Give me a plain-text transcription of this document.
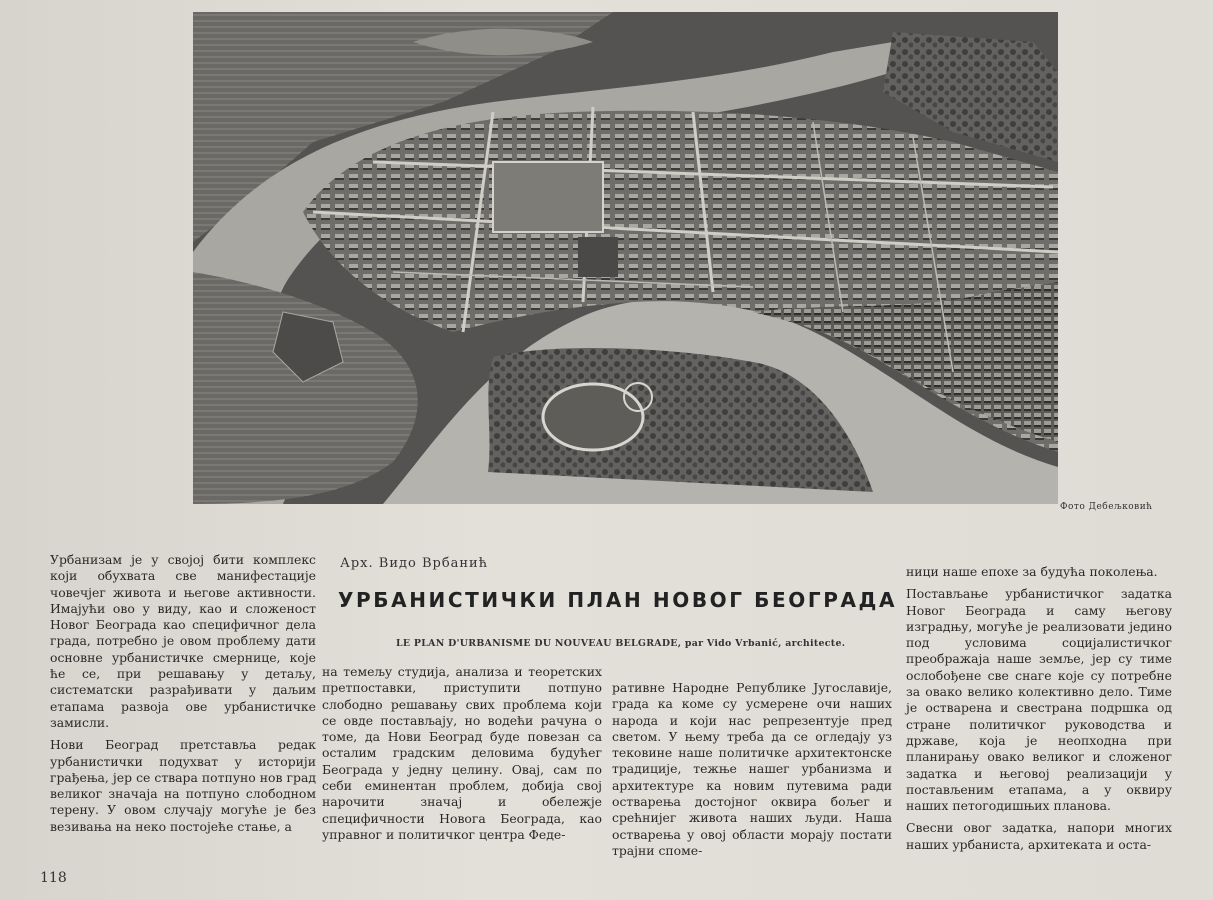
Фото Дебељковић

Урбанизам је у својој бити комплекс који обухвата све манифестације човечјег живота и његове активности. Имајући ово у виду, као и сложеност Новог Београда као специфичног дела града, потребно је овом проблему дати основне урбанистичке смернице, које ће се, при решавању у детаљу, систематски разрађивати у даљим етапама развоја ове урбанистичке замисли.

Нови Београд претставља редак урбанистички подухват у историји грађења, јер се ствара потпуно нов град великог значаја на потпуно слободном терену. У овом случају могуће је без везивања на неко постојеће стање, а

Арх. Видо Врбанић
УРБАНИСТИЧКИ ПЛАН НОВОГ БЕОГРАДА
LE PLAN D'URBANISME DU NOUVEAU BELGRADE, par Vido Vrbanić, architecte.

на темељу студија, анализа и теоретских претпоставки, приступити потпуно слободно решавању свих проблема који се овде постављају, но водећи рачуна о томе, да Нови Београд буде повезан са осталим градским деловима будућег Београда у једну целину. Овај, сам по себи еминентан проблем, добија свој нарочити значај и обележје специфичности Новога Београда, као управног и политичког центра Феде-

ративне Народне Републике Југославије, града ка коме су усмерене очи наших народа и који нас репрезентује пред светом. У њему треба да се огледају уз тековине наше политичке архитектонске традиције, тежње нашег урбанизма и архитектуре ка новим путевима ради остварења достојног оквира бољег и срећнијег живота наших људи. Наша остварења у овој области морају постати трајни споме-

ници наше епохе за будућа поколења.

Постављање урбанистичког задатка Новог Београда и саму његову изградњу, могуће је реализовати једино под условима социјалистичког преображаја наше земље, јер су тиме ослобођене све снаге које су потребне за овако велико колективно дело. Тиме је остварена и свестрана подршка од стране политичког руководства и државе, која је неопходна при планирању овако великог и сложеног задатка и његовој реализацији у постављеним етапама, а у оквиру наших петогодишњих планова.

Свесни овог задатка, напори многих наших урбаниста, архитеката и оста-

118
